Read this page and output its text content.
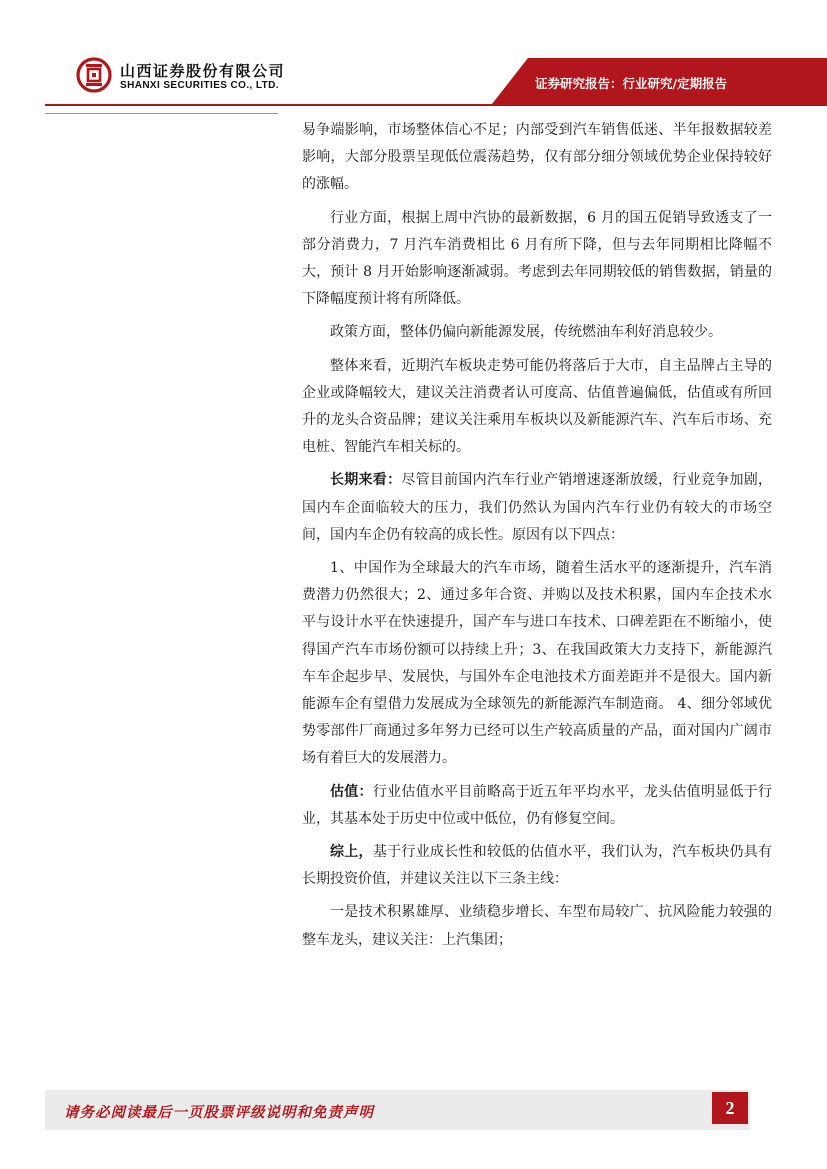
山西证券股份有限公司
SHANXI SECURITIES CO., LTD.	证券研究报告：行业研究/定期报告

易争端影响，市场整体信心不足；内部受到汽车销售低迷、半年报数据较差影响，大部分股票呈现低位震荡趋势，仅有部分细分领域优势企业保持较好的涨幅。

行业方面，根据上周中汽协的最新数据，6 月的国五促销导致透支了一部分消费力，7 月汽车消费相比 6 月有所下降，但与去年同期相比降幅不大，预计 8 月开始影响逐渐减弱。考虑到去年同期较低的销售数据，销量的下降幅度预计将有所降低。

政策方面，整体仍偏向新能源发展，传统燃油车利好消息较少。

整体来看，近期汽车板块走势可能仍将落后于大市，自主品牌占主导的企业或降幅较大，建议关注消费者认可度高、估值普遍偏低，估值或有所回升的龙头合资品牌；建议关注乘用车板块以及新能源汽车、汽车后市场、充电桩、智能汽车相关标的。

长期来看：尽管目前国内汽车行业产销增速逐渐放缓，行业竞争加剧，国内车企面临较大的压力，我们仍然认为国内汽车行业仍有较大的市场空间，国内车企仍有较高的成长性。原因有以下四点：

1、中国作为全球最大的汽车市场，随着生活水平的逐渐提升，汽车消费潜力仍然很大；2、通过多年合资、并购以及技术积累，国内车企技术水平与设计水平在快速提升，国产车与进口车技术、口碑差距在不断缩小，使得国产汽车市场份额可以持续上升；3、在我国政策大力支持下，新能源汽车车企起步早、发展快，与国外车企电池技术方面差距并不是很大。国内新能源车企有望借力发展成为全球领先的新能源汽车制造商。 4、细分邻域优势零部件厂商通过多年努力已经可以生产较高质量的产品，面对国内广阔市场有着巨大的发展潜力。

估值：行业估值水平目前略高于近五年平均水平，龙头估值明显低于行业，其基本处于历史中位或中低位，仍有修复空间。

综上，基于行业成长性和较低的估值水平，我们认为，汽车板块仍具有长期投资价值，并建议关注以下三条主线：

一是技术积累雄厚、业绩稳步增长、车型布局较广、抗风险能力较强的整车龙头，建议关注：上汽集团；

请务必阅读最后一页股票评级说明和免责声明	2
